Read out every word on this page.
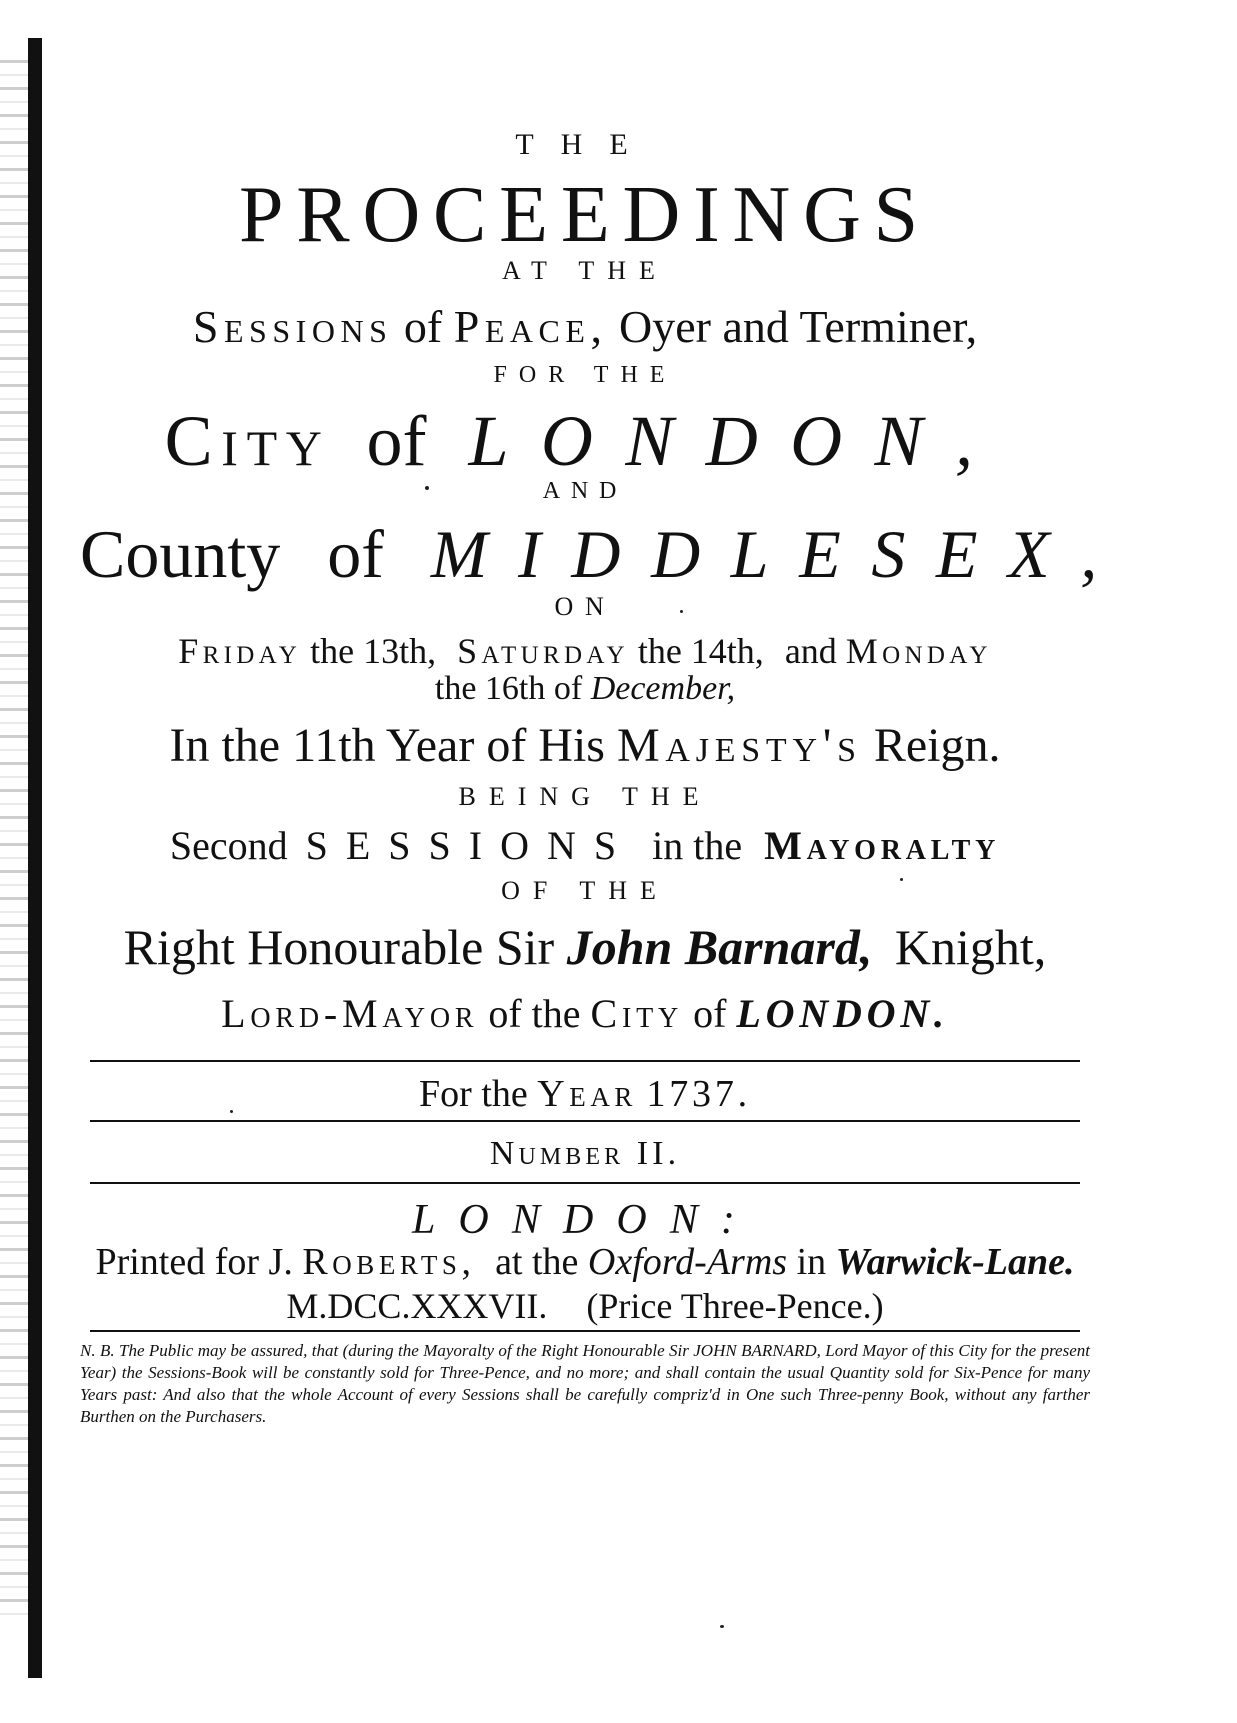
THE
PROCEEDINGS
AT THE
Sessions of Peace, Oyer and Terminer,
FOR THE
City of LONDON,
AND
County of MIDDLESEX,
ON
Friday the 13th, Saturday the 14th, and Monday
the 16th of December,
In the 11th Year of His Majesty's Reign.
BEING THE
Second SESSIONS in the Mayoralty
OF THE
Right Honourable Sir John Barnard, Knight,
Lord-Mayor of the City of LONDON.
For the Year 1737.
Number II.
LONDON:
Printed for J. Roberts, at the Oxford-Arms in Warwick-Lane.
M.DCC.XXXVII. (Price Three-Pence.)
N. B. The Public may be assured, that (during the Mayoralty of the Right Honourable Sir JOHN BARNARD, Lord Mayor of this City for the present Year) the Sessions-Book will be constantly sold for Three-Pence, and no more; and shall contain the usual Quantity sold for Six-Pence for many Years past: And also that the whole Account of every Sessions shall be carefully compriz'd in One such Three-penny Book, without any farther Burthen on the Purchasers.
